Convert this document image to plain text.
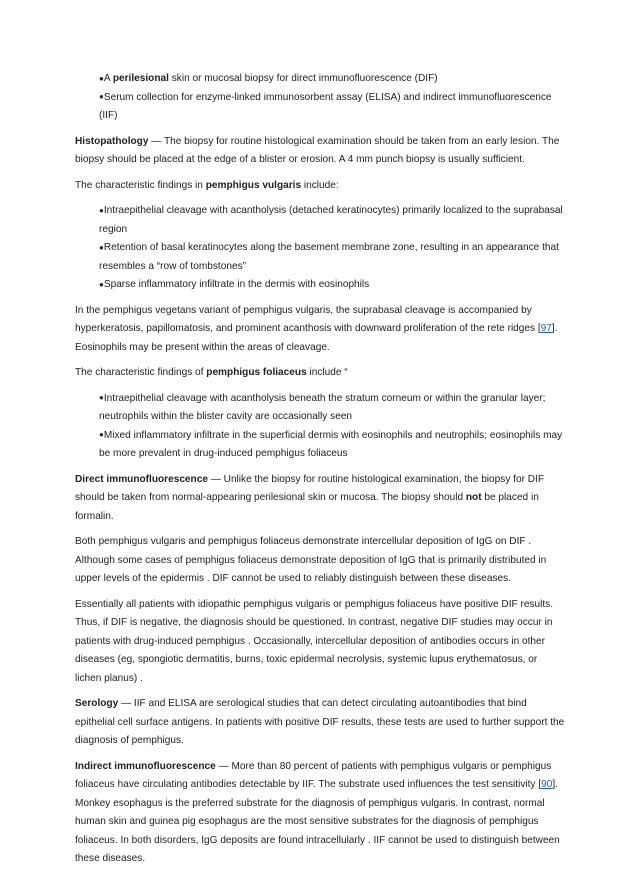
● A perilesional skin or mucosal biopsy for direct immunofluorescence (DIF)

● Serum collection for enzyme-linked immunosorbent assay (ELISA) and indirect immunofluorescence (IIF)

Histopathology — The biopsy for routine histological examination should be taken from an early lesion. The biopsy should be placed at the edge of a blister or erosion. A 4 mm punch biopsy is usually sufficient.

The characteristic findings in pemphigus vulgaris include:

● Intraepithelial cleavage with acantholysis (detached keratinocytes) primarily localized to the suprabasal region

● Retention of basal keratinocytes along the basement membrane zone, resulting in an appearance that resembles a “row of tombstones”

● Sparse inflammatory infiltrate in the dermis with eosinophils

In the pemphigus vegetans variant of pemphigus vulgaris, the suprabasal cleavage is accompanied by hyperkeratosis, papillomatosis, and prominent acanthosis with downward proliferation of the rete ridges [97]. Eosinophils may be present within the areas of cleavage.

The characteristic findings of pemphigus foliaceus include “

● Intraepithelial cleavage with acantholysis beneath the stratum corneum or within the granular layer; neutrophils within the blister cavity are occasionally seen

● Mixed inflammatory infiltrate in the superficial dermis with eosinophils and neutrophils; eosinophils may be more prevalent in drug-induced pemphigus foliaceus

Direct immunofluorescence — Unlike the biopsy for routine histological examination, the biopsy for DIF should be taken from normal-appearing perilesional skin or mucosa. The biopsy should not be placed in formalin.

Both pemphigus vulgaris and pemphigus foliaceus demonstrate intercellular deposition of IgG on DIF . Although some cases of pemphigus foliaceus demonstrate deposition of IgG that is primarily distributed in upper levels of the epidermis . DIF cannot be used to reliably distinguish between these diseases.

Essentially all patients with idiopathic pemphigus vulgaris or pemphigus foliaceus have positive DIF results. Thus, if DIF is negative, the diagnosis should be questioned. In contrast, negative DIF studies may occur in patients with drug-induced pemphigus . Occasionally, intercellular deposition of antibodies occurs in other diseases (eg, spongiotic dermatitis, burns, toxic epidermal necrolysis, systemic lupus erythematosus, or lichen planus) .

Serology — IIF and ELISA are serological studies that can detect circulating autoantibodies that bind epithelial cell surface antigens. In patients with positive DIF results, these tests are used to further support the diagnosis of pemphigus.

Indirect immunofluorescence — More than 80 percent of patients with pemphigus vulgaris or pemphigus foliaceus have circulating antibodies detectable by IIF. The substrate used influences the test sensitivity [90]. Monkey esophagus is the preferred substrate for the diagnosis of pemphigus vulgaris. In contrast, normal human skin and guinea pig esophagus are the most sensitive substrates for the diagnosis of pemphigus foliaceus. In both disorders, IgG deposits are found intracellularly . IIF cannot be used to distinguish between these diseases.
